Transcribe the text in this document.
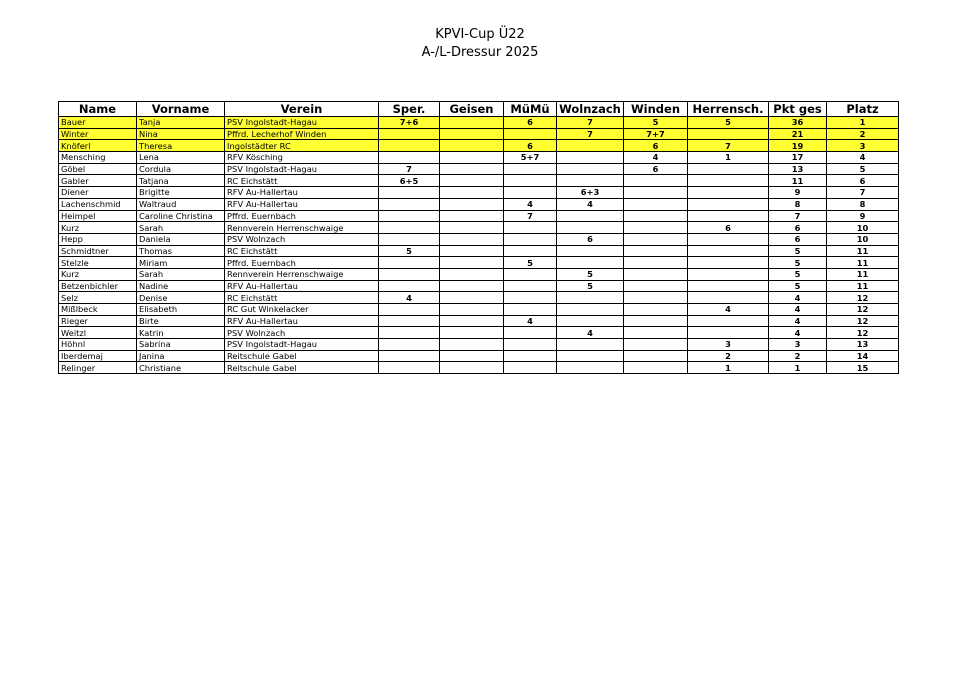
KPVI-Cup Ü22
A-/L-Dressur 2025
Name	Vorname	Verein	Sper.	Geisen	MüMü	Wolnzach	Winden	Herrensch.	Pkt ges	Platz
Bauer	Tanja	PSV Ingolstadt-Hagau	7+6		6	7	5	5	36	1
Winter	Nina	Pffrd. Lecherhof Winden				7	7+7		21	2
Knöferl	Theresa	Ingolstädter RC			6		6	7	19	3
Mensching	Lena	RFV Kösching			5+7		4	1	17	4
Göbel	Cordula	PSV Ingolstadt-Hagau	7				6		13	5
Gabler	Tatjana	RC Eichstätt	6+5						11	6
Diener	Brigitte	RFV Au-Hallertau				6+3			9	7
Lachenschmid	Waltraud	RFV Au-Hallertau			4	4			8	8
Heimpel	Caroline Christina	Pffrd. Euernbach			7				7	9
Kurz	Sarah	Rennverein Herrenschwaige						6	6	10
Hepp	Daniela	PSV Wolnzach				6			6	10
Schmidtner	Thomas	RC Eichstätt	5						5	11
Stelzle	Miriam	Pffrd. Euernbach			5				5	11
Kurz	Sarah	Rennverein Herrenschwaige				5			5	11
Betzenbichler	Nadine	RFV Au-Hallertau				5			5	11
Selz	Denise	RC Eichstätt	4						4	12
Mißlbeck	Elisabeth	RC Gut Winkelacker						4	4	12
Rieger	Birte	RFV Au-Hallertau			4				4	12
Weitzl	Katrin	PSV Wolnzach				4			4	12
Höhnl	Sabrina	PSV Ingolstadt-Hagau						3	3	13
Iberdemaj	Janina	Reitschule Gabel						2	2	14
Relinger	Christiane	Reitschule Gabel						1	1	15
